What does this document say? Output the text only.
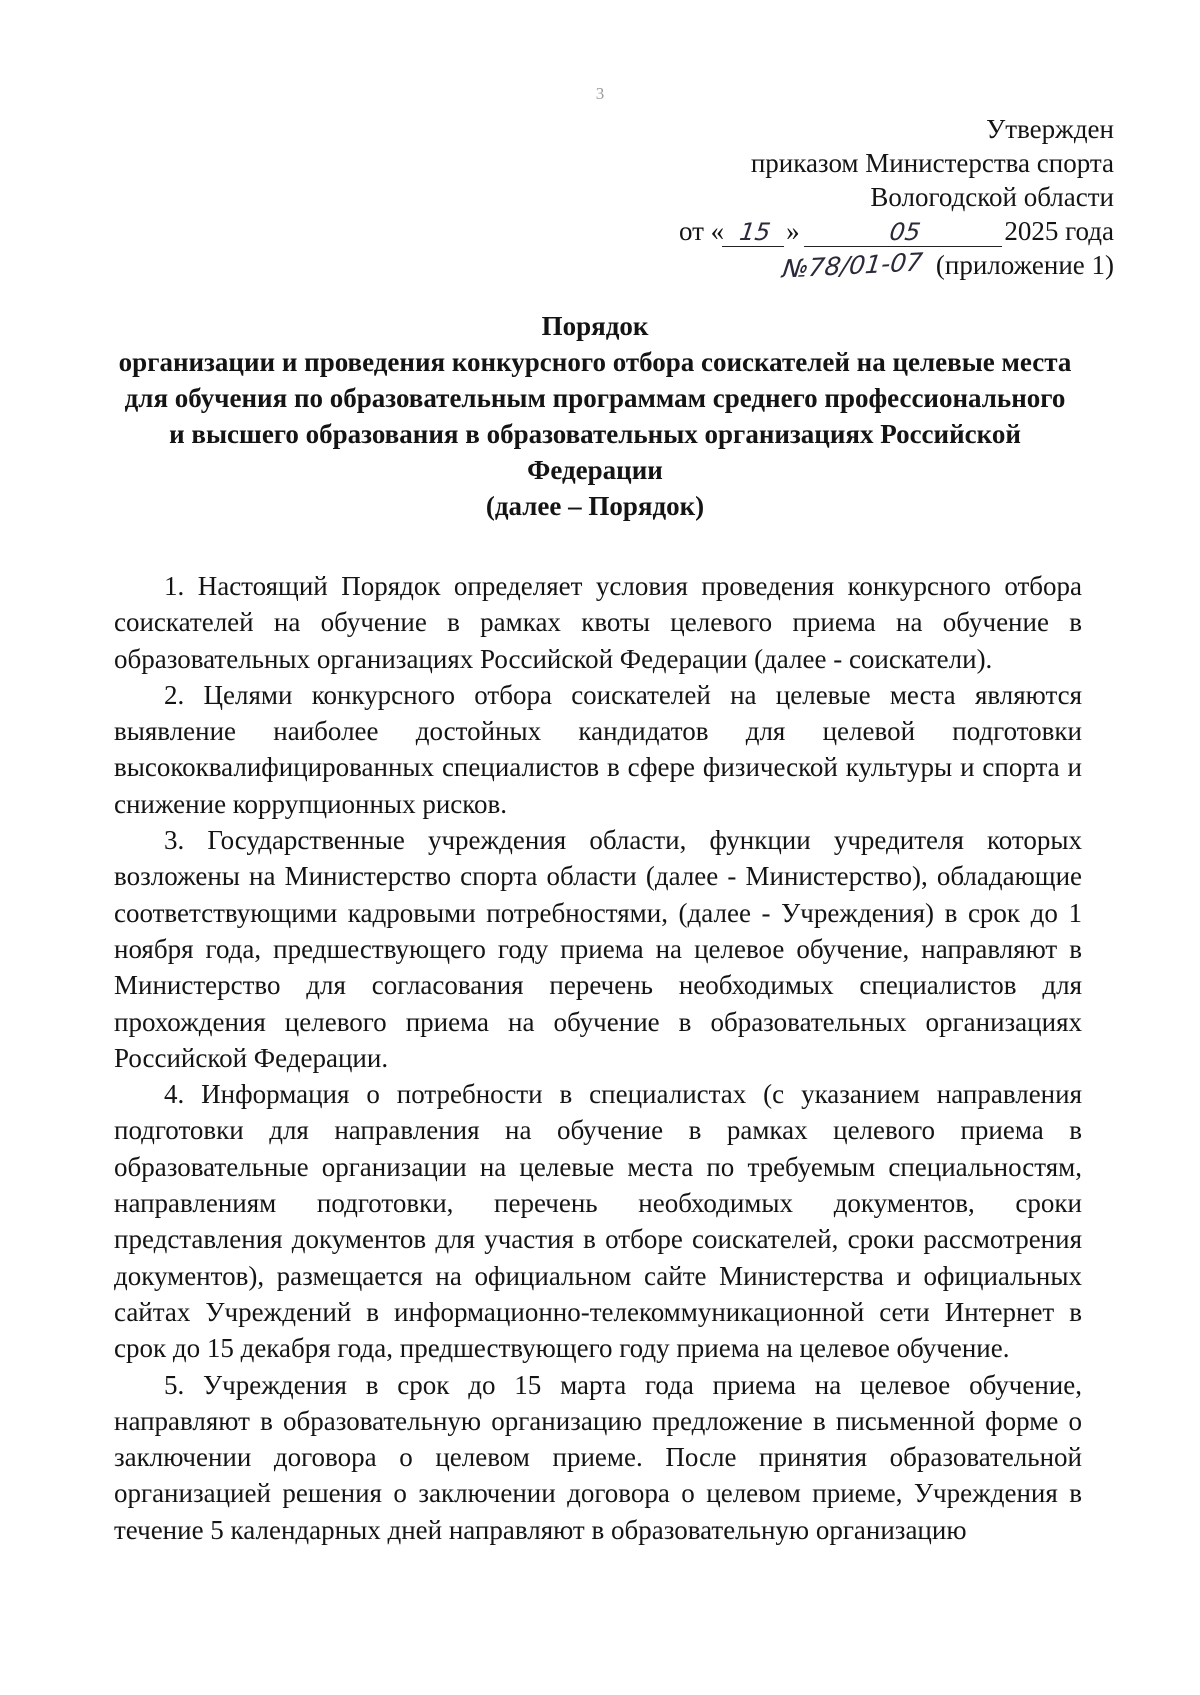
3
Утвержден
приказом Министерства спорта
Вологодской области
от « 15 »	05	2025 года
№78/01-07 (приложение 1)
Порядок
организации и проведения конкурсного отбора соискателей на целевые места
для обучения по образовательным программам среднего профессионального
и высшего образования в образовательных организациях Российской
Федерации
(далее – Порядок)

1. Настоящий Порядок определяет условия проведения конкурсного отбора соискателей на обучение в рамках квоты целевого приема на обучение в образовательных организациях Российской Федерации (далее - соискатели).

2. Целями конкурсного отбора соискателей на целевые места являются выявление наиболее достойных кандидатов для целевой подготовки высококвалифицированных специалистов в сфере физической культуры и спорта и снижение коррупционных рисков.

3. Государственные учреждения области, функции учредителя которых возложены на Министерство спорта области (далее - Министерство), обладающие соответствующими кадровыми потребностями, (далее - Учреждения) в срок до 1 ноября года, предшествующего году приема на целевое обучение, направляют в Министерство для согласования перечень необходимых специалистов для прохождения целевого приема на обучение в образовательных организациях Российской Федерации.

4. Информация о потребности в специалистах (с указанием направления подготовки для направления на обучение в рамках целевого приема в образовательные организации на целевые места по требуемым специальностям, направлениям подготовки, перечень необходимых документов, сроки представления документов для участия в отборе соискателей, сроки рассмотрения документов), размещается на официальном сайте Министерства и официальных сайтах Учреждений в информационно-телекоммуникационной сети Интернет в срок до 15 декабря года, предшествующего году приема на целевое обучение.

5. Учреждения в срок до 15 марта года приема на целевое обучение, направляют в образовательную организацию предложение в письменной форме о заключении договора о целевом приеме. После принятия образовательной организацией решения о заключении договора о целевом приеме, Учреждения в течение 5 календарных дней направляют в образовательную организацию
